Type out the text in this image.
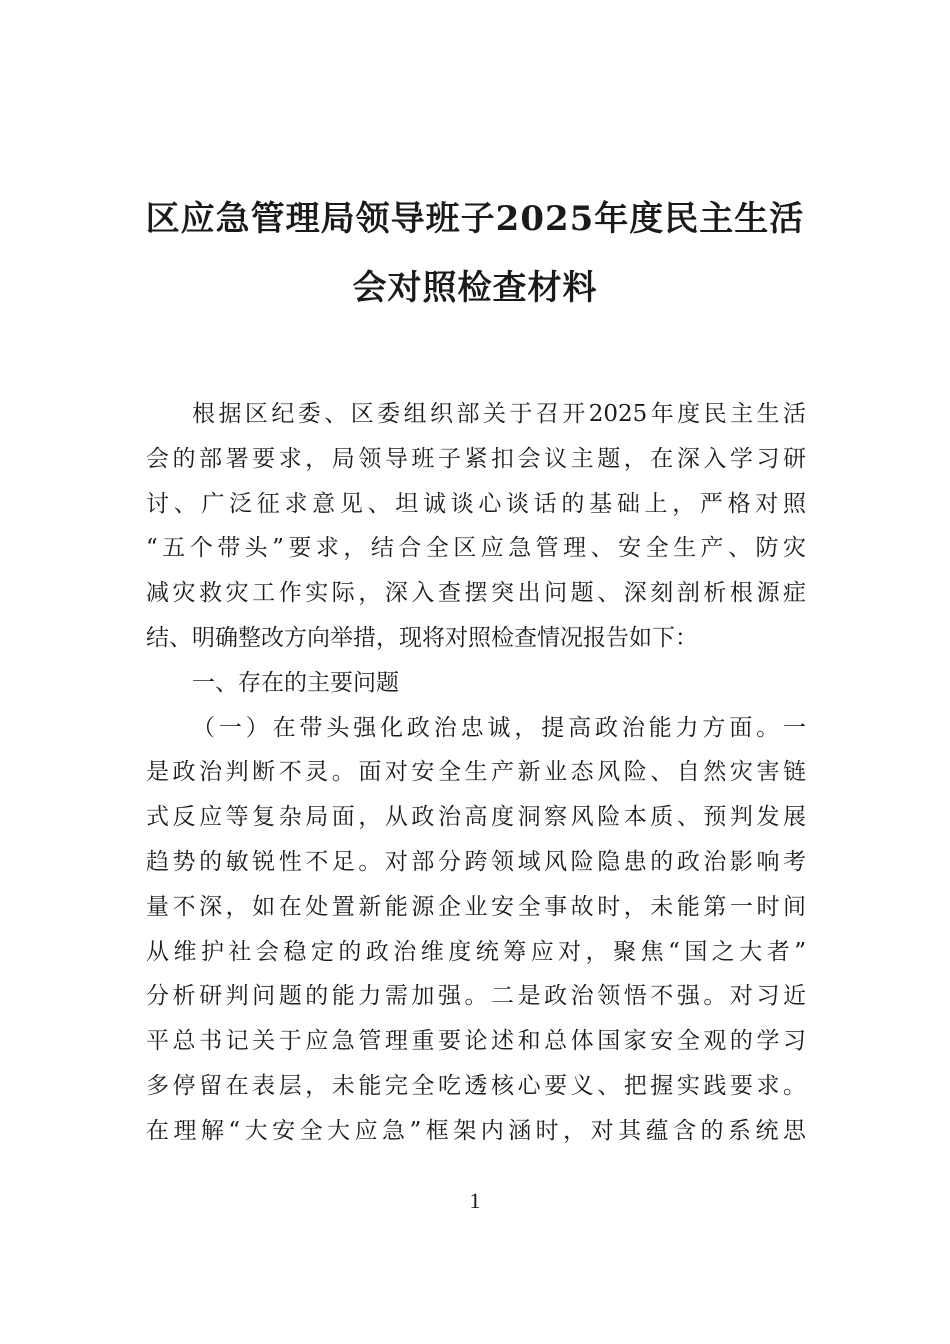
区应急管理局领导班子2025年度民主生活
会对照检查材料
根据区纪委、区委组织部关于召开2025年度民主生活
会的部署要求，局领导班子紧扣会议主题，在深入学习研
讨、广泛征求意见、坦诚谈心谈话的基础上，严格对照
“五个带头”要求，结合全区应急管理、安全生产、防灾
减灾救灾工作实际，深入查摆突出问题、深刻剖析根源症
结、明确整改方向举措，现将对照检查情况报告如下：
一、存在的主要问题
（一）在带头强化政治忠诚，提高政治能力方面。一
是政治判断不灵。面对安全生产新业态风险、自然灾害链
式反应等复杂局面，从政治高度洞察风险本质、预判发展
趋势的敏锐性不足。对部分跨领域风险隐患的政治影响考
量不深，如在处置新能源企业安全事故时，未能第一时间
从维护社会稳定的政治维度统筹应对，聚焦“国之大者”
分析研判问题的能力需加强。二是政治领悟不强。对习近
平总书记关于应急管理重要论述和总体国家安全观的学习
多停留在表层，未能完全吃透核心要义、把握实践要求。
在理解“大安全大应急”框架内涵时，对其蕴含的系统思
1
